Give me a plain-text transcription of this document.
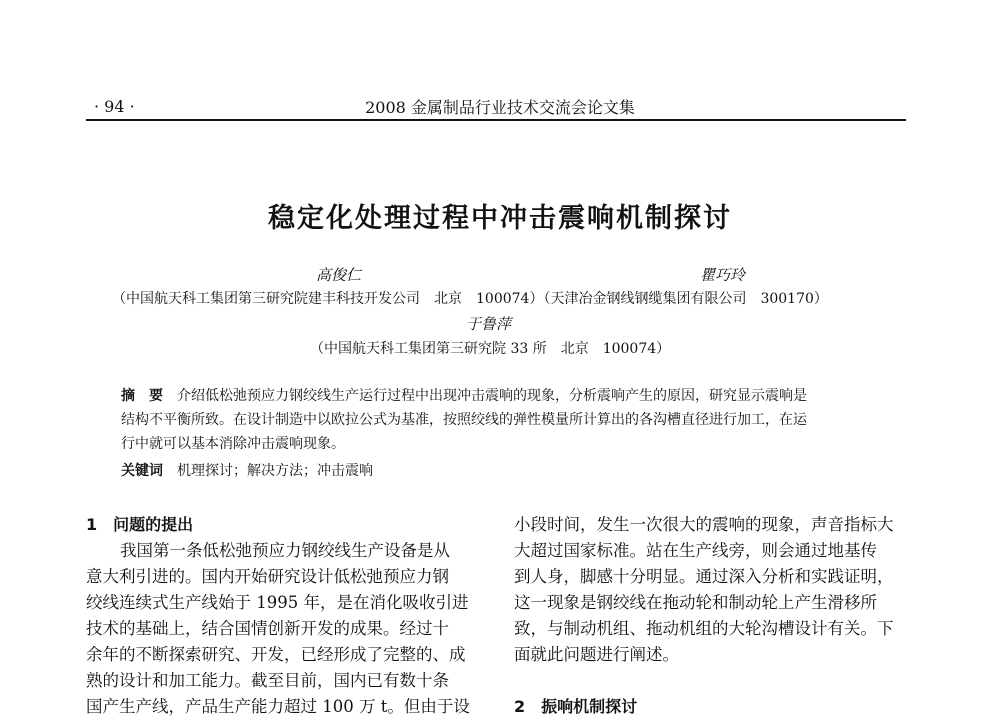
· 94 ·	2008 金属制品行业技术交流会论文集
稳定化处理过程中冲击震响机制探讨
高俊仁	瞿巧玲
（中国航天科工集团第三研究院建丰科技开发公司　北京　100074）（天津冶金钢线钢缆集团有限公司　300170）
于鲁萍
（中国航天科工集团第三研究院 33 所　北京　100074）
摘　要　 介绍低松弛预应力钢绞线生产运行过程中出现冲击震响的现象，分析震响产生的原因，研究显示震响是
结构不平衡所致。在设计制造中以欧拉公式为基准，按照绞线的弹性模量所计算出的各沟槽直径进行加工，在运
行中就可以基本消除冲击震响现象。
关键词　 机理探讨；解决方法；冲击震响
1　问题的提出
我国第一条低松弛预应力钢绞线生产设备是从
意大利引进的。国内开始研究设计低松弛预应力钢
绞线连续式生产线始于 1995 年，是在消化吸收引进
技术的基础上，结合国情创新开发的成果。经过十
余年的不断探索研究、开发，已经形成了完整的、成
熟的设计和加工能力。截至目前，国内已有数十条
国产生产线，产品生产能力超过 100 万 t。但由于设
小段时间，发生一次很大的震响的现象，声音指标大
大超过国家标准。站在生产线旁，则会通过地基传
到人身，脚感十分明显。通过深入分析和实践证明，
这一现象是钢绞线在拖动轮和制动轮上产生滑移所
致，与制动机组、拖动机组的大轮沟槽设计有关。下
面就此问题进行阐述。
2　振响机制探讨
